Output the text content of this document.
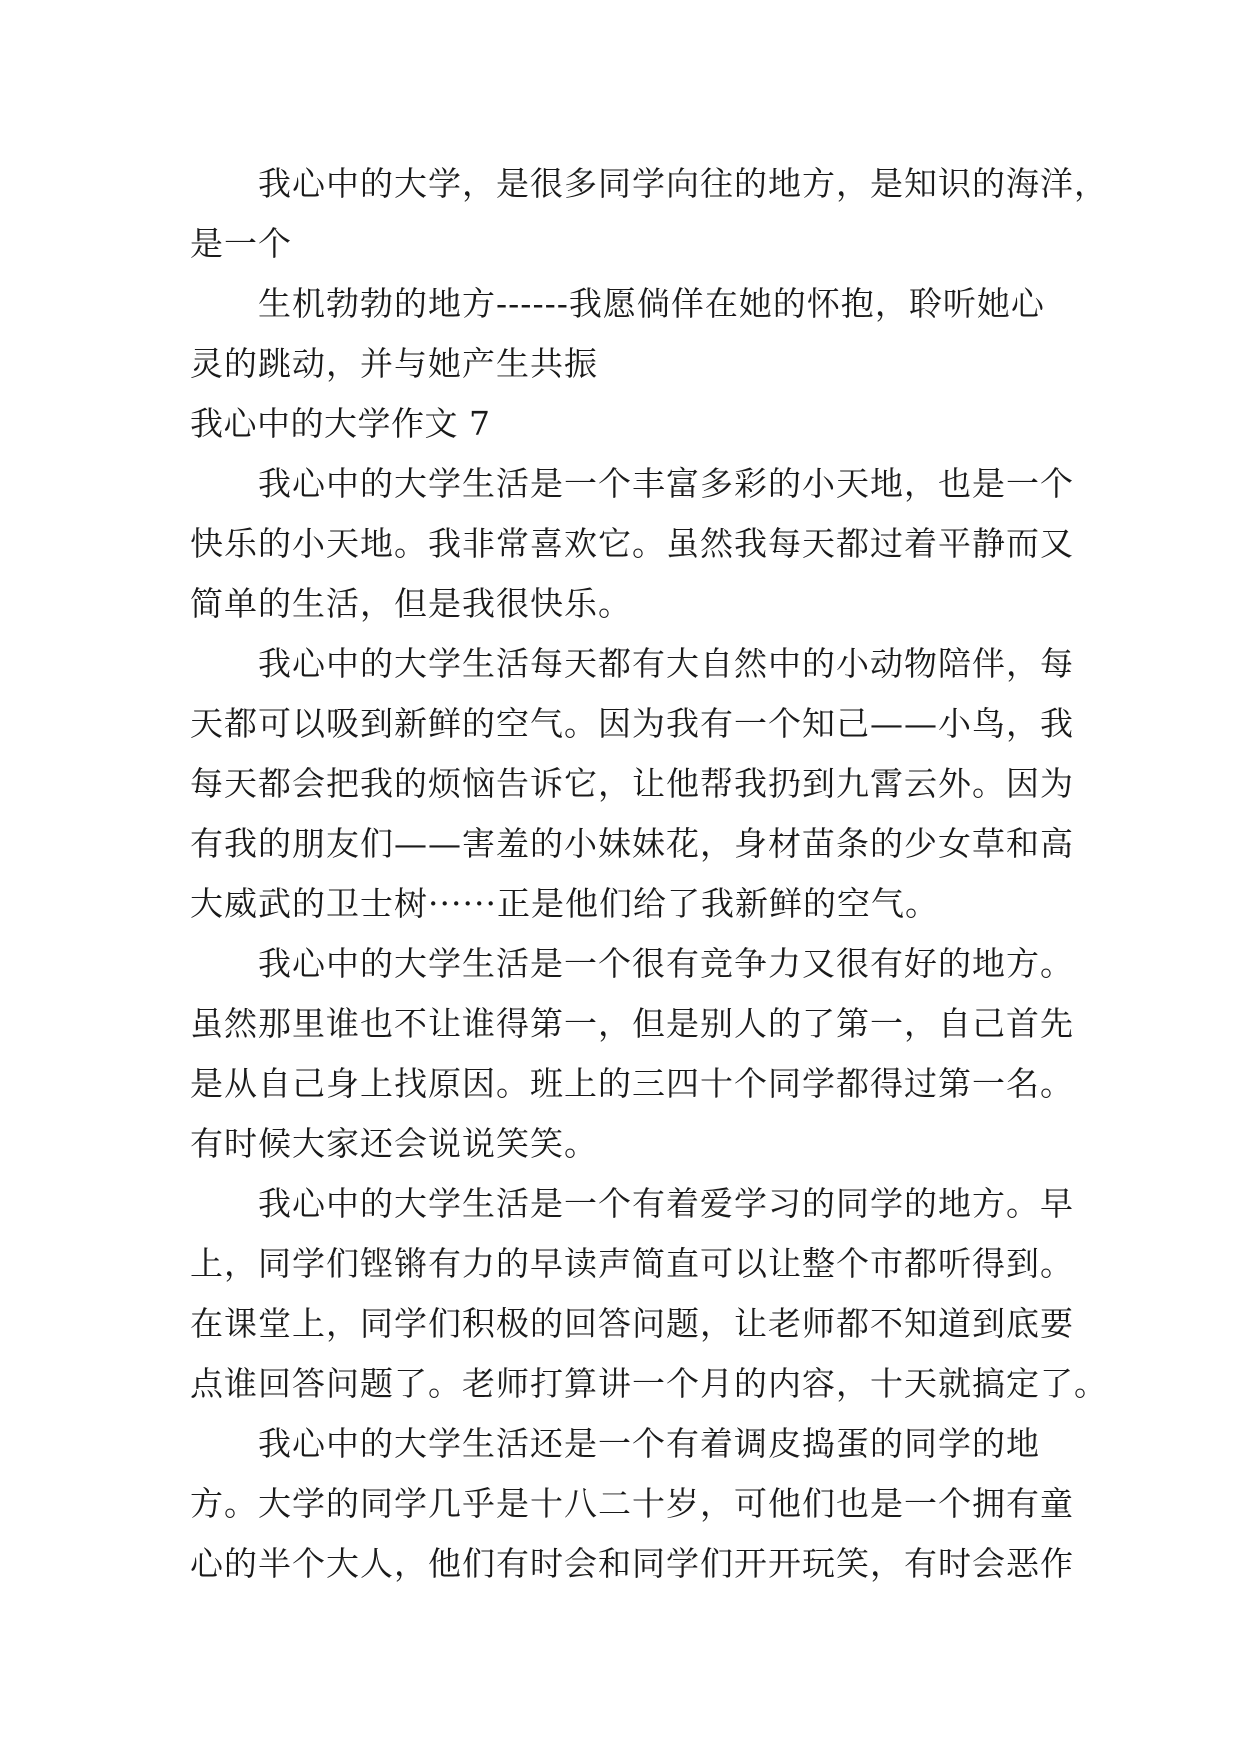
我心中的大学，是很多同学向往的地方，是知识的海洋，
是一个
生机勃勃的地方------我愿倘佯在她的怀抱，聆听她心
灵的跳动，并与她产生共振
我心中的大学作文 7
我心中的大学生活是一个丰富多彩的小天地，也是一个
快乐的小天地。我非常喜欢它。虽然我每天都过着平静而又
简单的生活，但是我很快乐。
我心中的大学生活每天都有大自然中的小动物陪伴，每
天都可以吸到新鲜的空气。因为我有一个知己——小鸟，我
每天都会把我的烦恼告诉它，让他帮我扔到九霄云外。因为
有我的朋友们——害羞的小妹妹花，身材苗条的少女草和高
大威武的卫士树······正是他们给了我新鲜的空气。
我心中的大学生活是一个很有竞争力又很有好的地方。
虽然那里谁也不让谁得第一，但是别人的了第一，自己首先
是从自己身上找原因。班上的三四十个同学都得过第一名。
有时候大家还会说说笑笑。
我心中的大学生活是一个有着爱学习的同学的地方。早
上，同学们铿锵有力的早读声简直可以让整个市都听得到。
在课堂上，同学们积极的回答问题，让老师都不知道到底要
点谁回答问题了。老师打算讲一个月的内容，十天就搞定了。
我心中的大学生活还是一个有着调皮捣蛋的同学的地
方。大学的同学几乎是十八二十岁，可他们也是一个拥有童
心的半个大人，他们有时会和同学们开开玩笑，有时会恶作
